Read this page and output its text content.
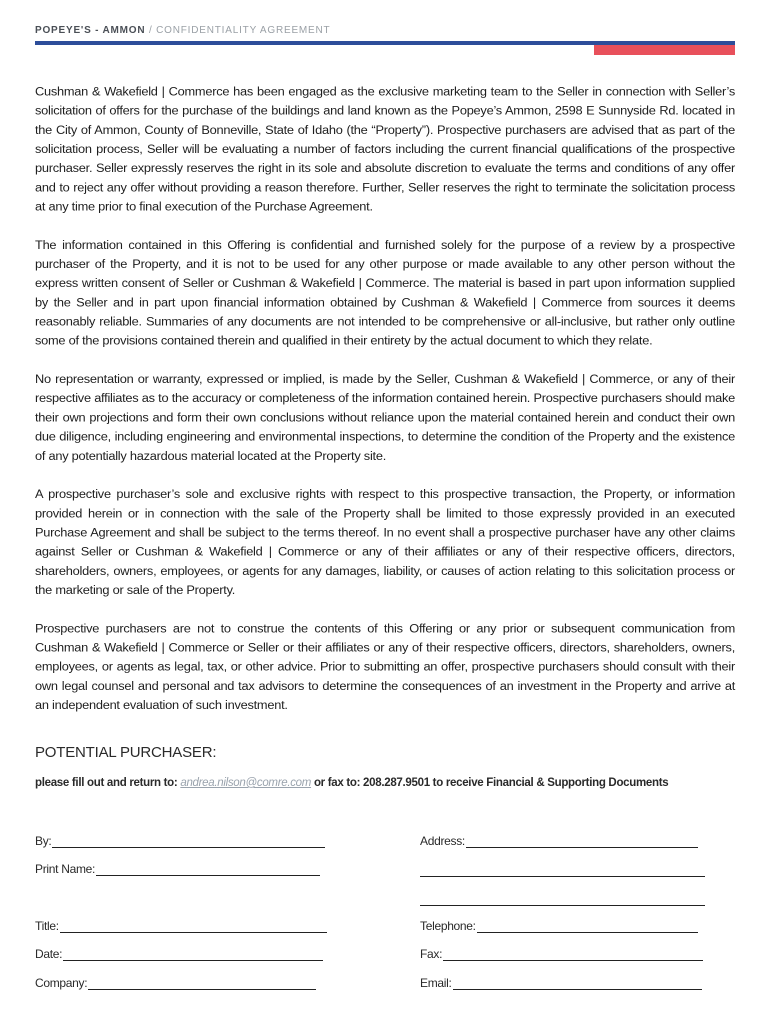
POPEYE'S - AMMON / CONFIDENTIALITY AGREEMENT

Cushman & Wakefield | Commerce has been engaged as the exclusive marketing team to the Seller in connection with Seller’s solicitation of offers for the purchase of the buildings and land known as the Popeye’s Ammon, 2598 E Sunnyside Rd. located in the City of Ammon, County of Bonneville, State of Idaho (the “Property”). Prospective purchasers are advised that as part of the solicitation process, Seller will be evaluating a number of factors including the current financial qualifications of the prospective purchaser. Seller expressly reserves the right in its sole and absolute discretion to evaluate the terms and conditions of any offer and to reject any offer without providing a reason therefore. Further, Seller reserves the right to terminate the solicitation process at any time prior to final execution of the Purchase Agreement.

The information contained in this Offering is confidential and furnished solely for the purpose of a review by a prospective purchaser of the Property, and it is not to be used for any other purpose or made available to any other person without the express written consent of Seller or Cushman & Wakefield | Commerce. The material is based in part upon information supplied by the Seller and in part upon financial information obtained by Cushman & Wakefield | Commerce from sources it deems reasonably reliable. Summaries of any documents are not intended to be comprehensive or all-inclusive, but rather only outline some of the provisions contained therein and qualified in their entirety by the actual document to which they relate.

No representation or warranty, expressed or implied, is made by the Seller, Cushman & Wakefield | Commerce, or any of their respective affiliates as to the accuracy or completeness of the information contained herein. Prospective purchasers should make their own projections and form their own conclusions without reliance upon the material contained herein and conduct their own due diligence, including engineering and environmental inspections, to determine the condition of the Property and the existence of any potentially hazardous material located at the Property site.

A prospective purchaser’s sole and exclusive rights with respect to this prospective transaction, the Property, or information provided herein or in connection with the sale of the Property shall be limited to those expressly provided in an executed Purchase Agreement and shall be subject to the terms thereof. In no event shall a prospective purchaser have any other claims against Seller or Cushman & Wakefield | Commerce or any of their affiliates or any of their respective officers, directors, shareholders, owners, employees, or agents for any damages, liability, or causes of action relating to this solicitation process or the marketing or sale of the Property.

Prospective purchasers are not to construe the contents of this Offering or any prior or subsequent communication from Cushman & Wakefield | Commerce or Seller or their affiliates or any of their respective officers, directors, shareholders, owners, employees, or agents as legal, tax, or other advice. Prior to submitting an offer, prospective purchasers should consult with their own legal counsel and personal and tax advisors to determine the consequences of an investment in the Property and arrive at an independent evaluation of such investment.

POTENTIAL PURCHASER:
please fill out and return to: andrea.nilson@comre.com or fax to: 208.287.9501 to receive Financial & Supporting Documents
By:
Print Name:
Title:
Date:
Company:
Address:
Telephone:
Fax:
Email:
